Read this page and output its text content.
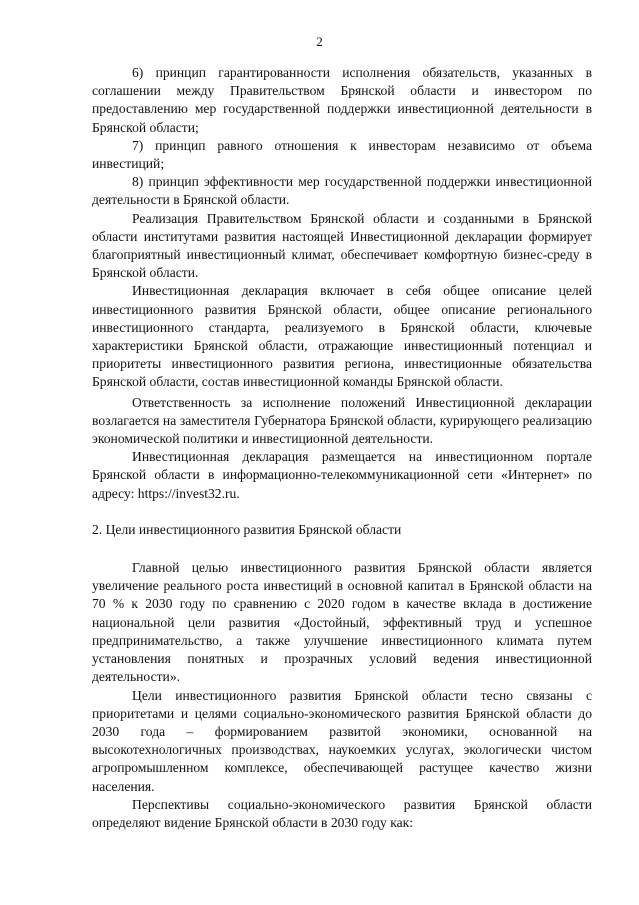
2

6) принцип гарантированности исполнения обязательств, указанных в соглашении между Правительством Брянской области и инвестором по предоставлению мер государственной поддержки инвестиционной деятельности в Брянской области;

7) принцип равного отношения к инвесторам независимо от объема инвестиций;

8) принцип эффективности мер государственной поддержки инвестиционной деятельности в Брянской области.

Реализация Правительством Брянской области и созданными в Брянской области институтами развития настоящей Инвестиционной декларации формирует благоприятный инвестиционный климат, обеспечивает комфортную бизнес-среду в Брянской области.

Инвестиционная декларация включает в себя общее описание целей инвестиционного развития Брянской области, общее описание регионального инвестиционного стандарта, реализуемого в Брянской области, ключевые характеристики Брянской области, отражающие инвестиционный потенциал и приоритеты инвестиционного развития региона, инвестиционные обязательства Брянской области, состав инвестиционной команды Брянской области.

Ответственность за исполнение положений Инвестиционной декларации возлагается на заместителя Губернатора Брянской области, курирующего реализацию экономической политики и инвестиционной деятельности.

Инвестиционная декларация размещается на инвестиционном портале Брянской области в информационно-телекоммуникационной сети «Интернет» по адресу: https://invest32.ru.

2. Цели инвестиционного развития Брянской области

Главной целью инвестиционного развития Брянской области является увеличение реального роста инвестиций в основной капитал в Брянской области на 70 % к 2030 году по сравнению с 2020 годом в качестве вклада в достижение национальной цели развития «Достойный, эффективный труд и успешное предпринимательство, а также улучшение инвестиционного климата путем установления понятных и прозрачных условий ведения инвестиционной деятельности».

Цели инвестиционного развития Брянской области тесно связаны с приоритетами и целями социально-экономического развития Брянской области до 2030 года – формированием развитой экономики, основанной на высокотехнологичных производствах, наукоемких услугах, экологически чистом агропромышленном комплексе, обеспечивающей растущее качество жизни населения.

Перспективы социально-экономического развития Брянской области определяют видение Брянской области в 2030 году как:
